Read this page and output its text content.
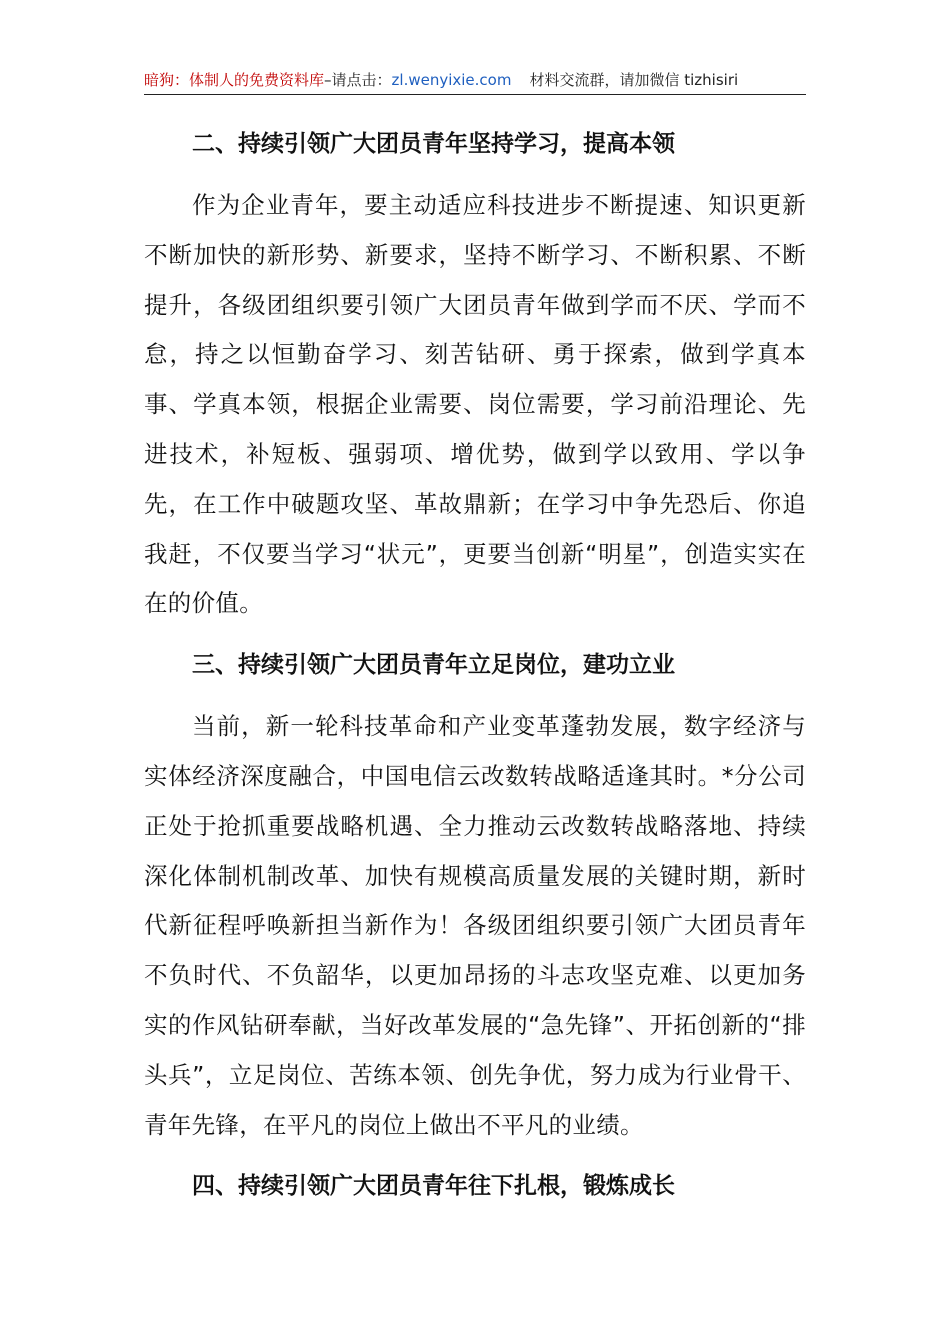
暗狗：体制人的免费资料库–请点击：zl.wenyixie.com 材料交流群，请加微信 tizhisiri
二、持续引领广大团员青年坚持学习，提高本领

作为企业青年，要主动适应科技进步不断提速、知识更新不断加快的新形势、新要求，坚持不断学习、不断积累、不断提升，各级团组织要引领广大团员青年做到学而不厌、学而不怠，持之以恒勤奋学习、刻苦钻研、勇于探索，做到学真本事、学真本领，根据企业需要、岗位需要，学习前沿理论、先进技术，补短板、强弱项、增优势，做到学以致用、学以争先，在工作中破题攻坚、革故鼎新；在学习中争先恐后、你追我赶，不仅要当学习“状元”，更要当创新“明星”，创造实实在在的价值。

三、持续引领广大团员青年立足岗位，建功立业

当前，新一轮科技革命和产业变革蓬勃发展，数字经济与实体经济深度融合，中国电信云改数转战略适逢其时。*分公司正处于抢抓重要战略机遇、全力推动云改数转战略落地、持续深化体制机制改革、加快有规模高质量发展的关键时期，新时代新征程呼唤新担当新作为！各级团组织要引领广大团员青年不负时代、不负韶华，以更加昂扬的斗志攻坚克难、以更加务实的作风钻研奉献，当好改革发展的“急先锋”、开拓创新的“排头兵”，立足岗位、苦练本领、创先争优，努力成为行业骨干、青年先锋，在平凡的岗位上做出不平凡的业绩。

四、持续引领广大团员青年往下扎根，锻炼成长
